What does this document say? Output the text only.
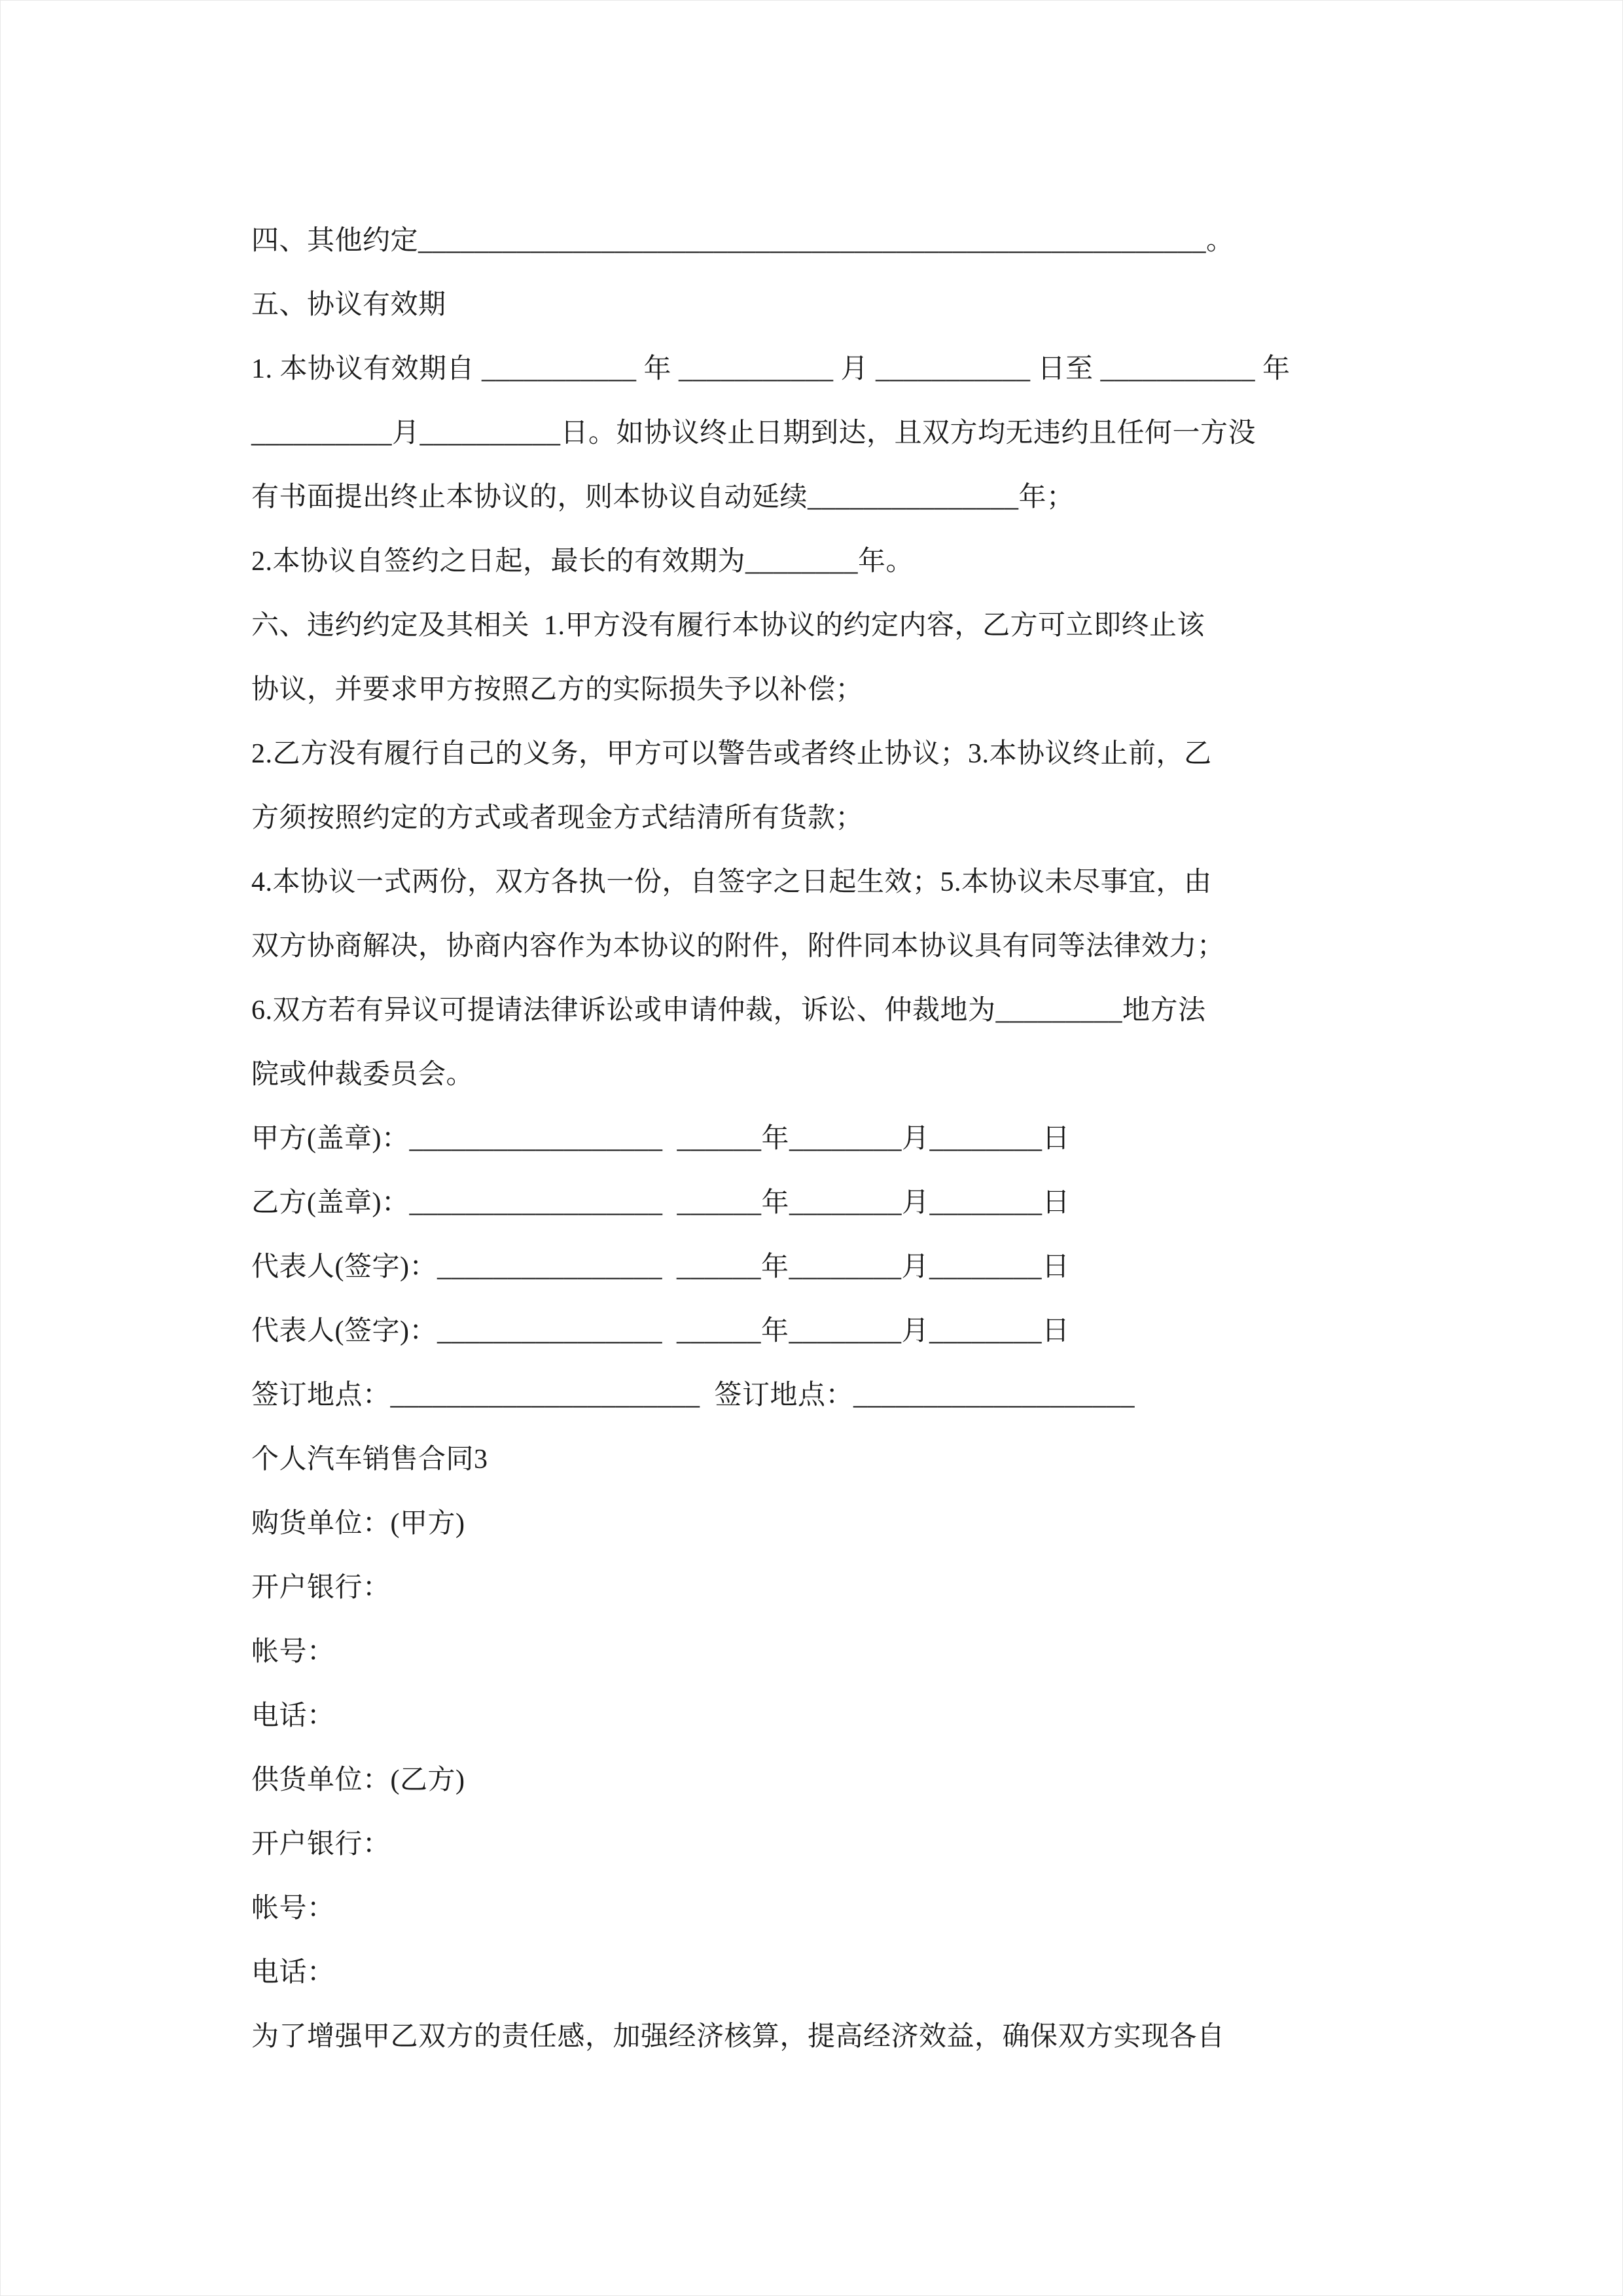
四、其他约定________________________________________________________。

五、协议有效期

1. 本协议有效期自 ___________ 年 ___________ 月 ___________ 日至 ___________ 年

__________月__________日。如协议终止日期到达，且双方均无违约且任何一方没

有书面提出终止本协议的，则本协议自动延续_______________年；

2.本协议自签约之日起，最长的有效期为________年。

六、违约约定及其相关  1.甲方没有履行本协议的约定内容，乙方可立即终止该

协议，并要求甲方按照乙方的实际损失予以补偿；

2.乙方没有履行自己的义务，甲方可以警告或者终止协议；3.本协议终止前，乙

方须按照约定的方式或者现金方式结清所有货款；

4.本协议一式两份，双方各执一份，自签字之日起生效；5.本协议未尽事宜，由

双方协商解决，协商内容作为本协议的附件，附件同本协议具有同等法律效力；

6.双方若有异议可提请法律诉讼或申请仲裁，诉讼、仲裁地为_________地方法

院或仲裁委员会。

甲方(盖章)：__________________  ______年________月________日

乙方(盖章)：__________________  ______年________月________日

代表人(签字)：________________  ______年________月________日

代表人(签字)：________________  ______年________月________日

签订地点：______________________  签订地点：____________________

个人汽车销售合同3

购货单位：(甲方)

开户银行：

帐号：

电话：

供货单位：(乙方)

开户银行：

帐号：

电话：

为了增强甲乙双方的责任感，加强经济核算，提高经济效益，确保双方实现各自
